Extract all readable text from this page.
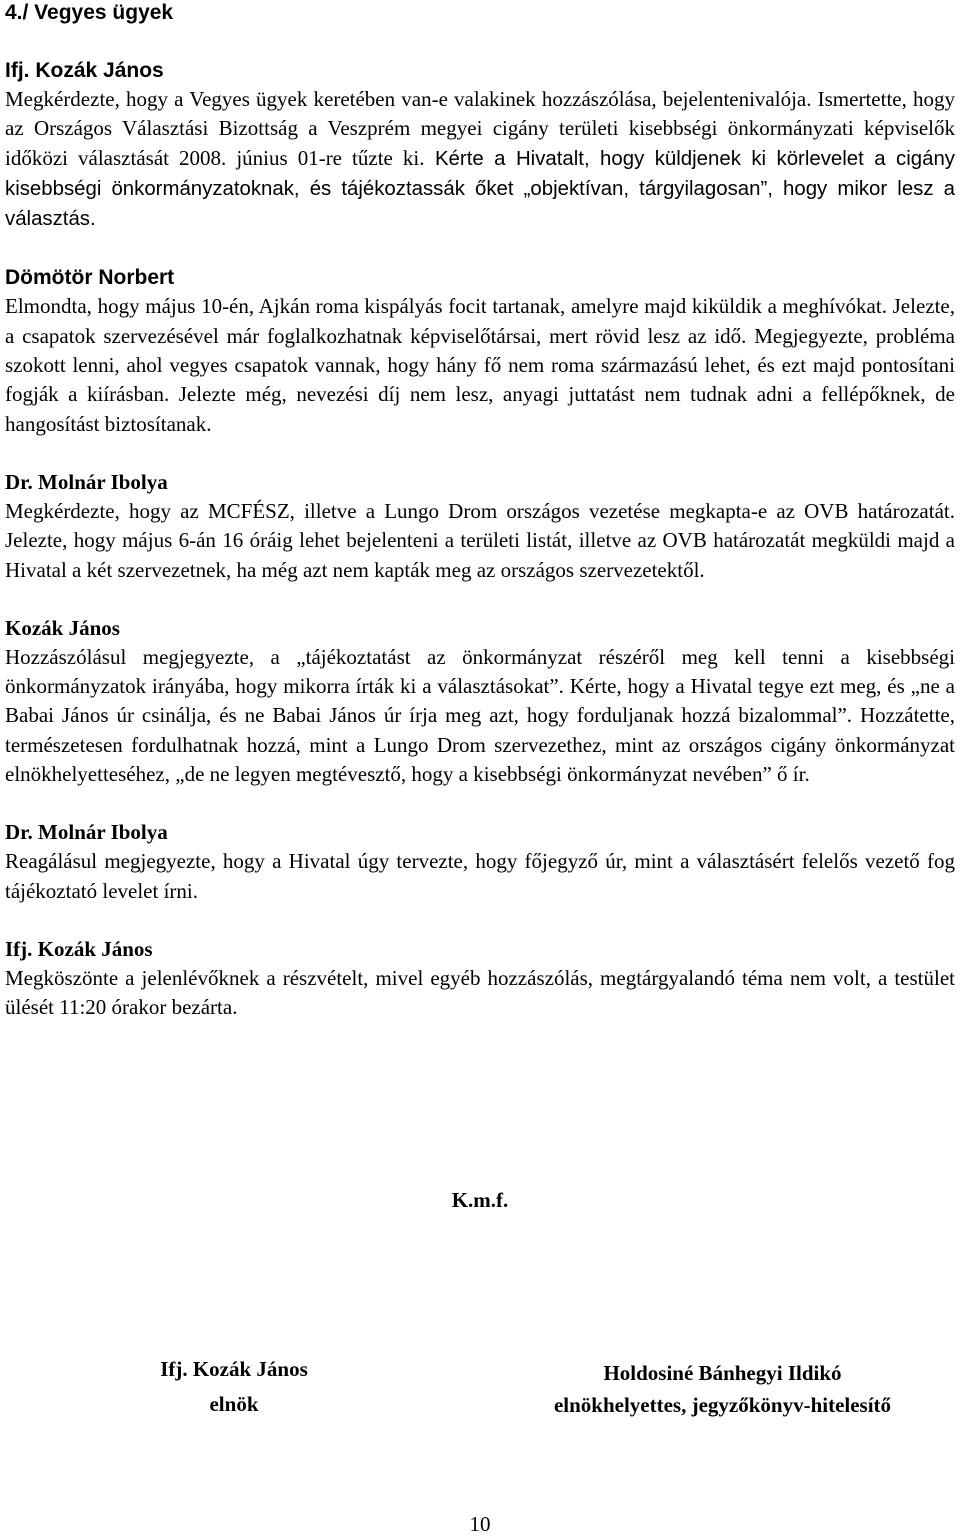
4./ Vegyes ügyek
Ifj. Kozák János

Megkérdezte, hogy a Vegyes ügyek keretében van-e valakinek hozzászólása, bejelentenivalója. Ismertette, hogy az Országos Választási Bizottság a Veszprém megyei cigány területi kisebbségi önkormányzati képviselők időközi választását 2008. június 01-re tűzte ki. Kérte a Hivatalt, hogy küldjenek ki körlevelet a cigány kisebbségi önkormányzatoknak, és tájékoztassák őket „objektívan, tárgyilagosan”, hogy mikor lesz a választás.

Dömötör Norbert

Elmondta, hogy május 10-én, Ajkán roma kispályás focit tartanak, amelyre majd kiküldik a meghívókat. Jelezte, a csapatok szervezésével már foglalkozhatnak képviselőtársai, mert rövid lesz az idő. Megjegyezte, probléma szokott lenni, ahol vegyes csapatok vannak, hogy hány fő nem roma származású lehet, és ezt majd pontosítani fogják a kiírásban. Jelezte még, nevezési díj nem lesz, anyagi juttatást nem tudnak adni a fellépőknek, de hangosítást biztosítanak.

Dr. Molnár Ibolya

Megkérdezte, hogy az MCFÉSZ, illetve a Lungo Drom országos vezetése megkapta-e az OVB határozatát. Jelezte, hogy május 6-án 16 óráig lehet bejelenteni a területi listát, illetve az OVB határozatát megküldi majd a Hivatal a két szervezetnek, ha még azt nem kapták meg az országos szervezetektől.

Kozák János

Hozzászólásul megjegyezte, a „tájékoztatást az önkormányzat részéről meg kell tenni a kisebbségi önkormányzatok irányába, hogy mikorra írták ki a választásokat”. Kérte, hogy a Hivatal tegye ezt meg, és „ne a Babai János úr csinálja, és ne Babai János úr írja meg azt, hogy forduljanak hozzá bizalommal”. Hozzátette, természetesen fordulhatnak hozzá, mint a Lungo Drom szervezethez, mint az országos cigány önkormányzat elnökhelyetteséhez, „de ne legyen megtévesztő, hogy a kisebbségi önkormányzat nevében” ő ír.

Dr. Molnár Ibolya

Reagálásul megjegyezte, hogy a Hivatal úgy tervezte, hogy főjegyző úr, mint a választásért felelős vezető fog tájékoztató levelet írni.

Ifj. Kozák János

Megköszönte a jelenlévőknek a részvételt, mivel egyéb hozzászólás, megtárgyalandó téma nem volt, a testület ülését 11:20 órakor bezárta.

K.m.f.
Ifj. Kozák János
elnök
Holdosiné Bánhegyi Ildikó
elnökhelyettes, jegyzőkönyv-hitelesítő
10
